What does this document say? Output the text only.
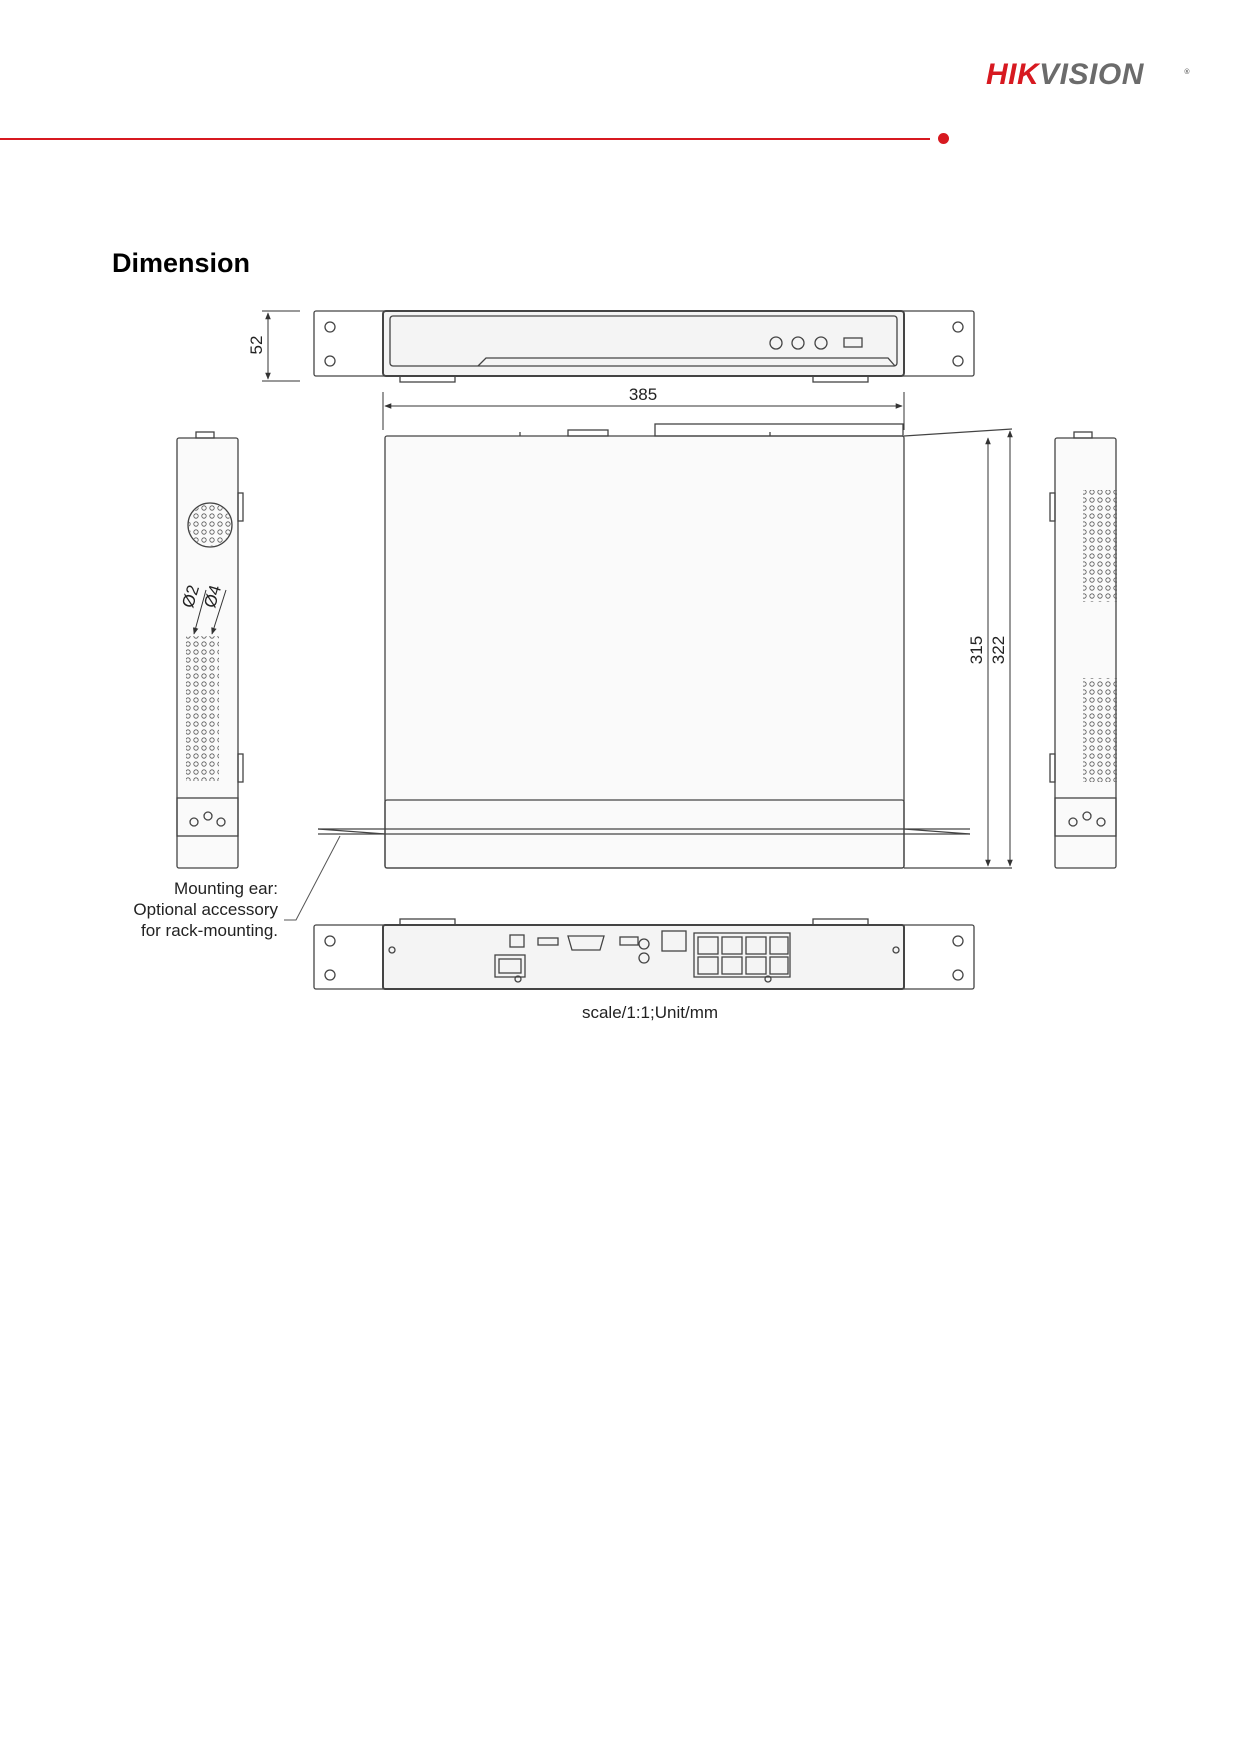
HIKVISION	®
Dimension
52
385
315 322
Ø2
Ø4
Mounting ear:
Optional accessory
for rack-mounting.
scale/1:1;Unit/mm
